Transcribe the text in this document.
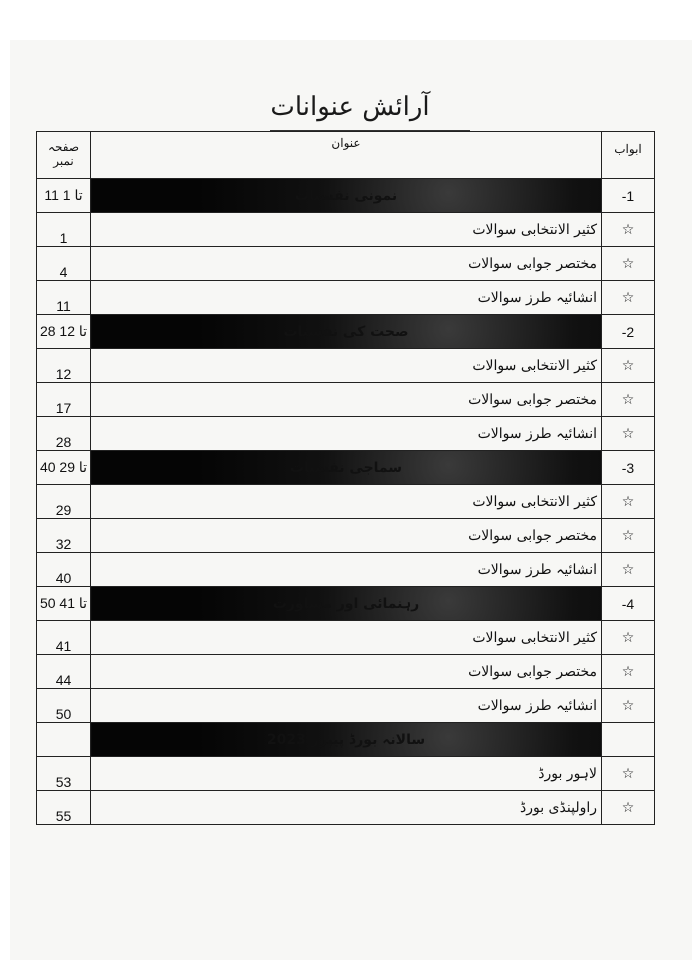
آرائش عنوانات
صفحہ نمبر	عنوان	ابواب
11 تا 1	نمونی نفسیات	-1
1	کثیر الانتخابی سوالات	☆
4	مختصر جوابی سوالات	☆
11	انشائیہ طرز سوالات	☆
28 تا 12	صحت کی نفسیات	-2
12	کثیر الانتخابی سوالات	☆
17	مختصر جوابی سوالات	☆
28	انشائیہ طرز سوالات	☆
40 تا 29	سماجی نفسیات	-3
29	کثیر الانتخابی سوالات	☆
32	مختصر جوابی سوالات	☆
40	انشائیہ طرز سوالات	☆
50 تا 41	رہنمائی اور مشاورت	-4
41	کثیر الانتخابی سوالات	☆
44	مختصر جوابی سوالات	☆
50	انشائیہ طرز سوالات	☆
	سالانہ بورڈ پیپرز 2023	
53	لاہور بورڈ	☆
55	راولپنڈی بورڈ	☆
